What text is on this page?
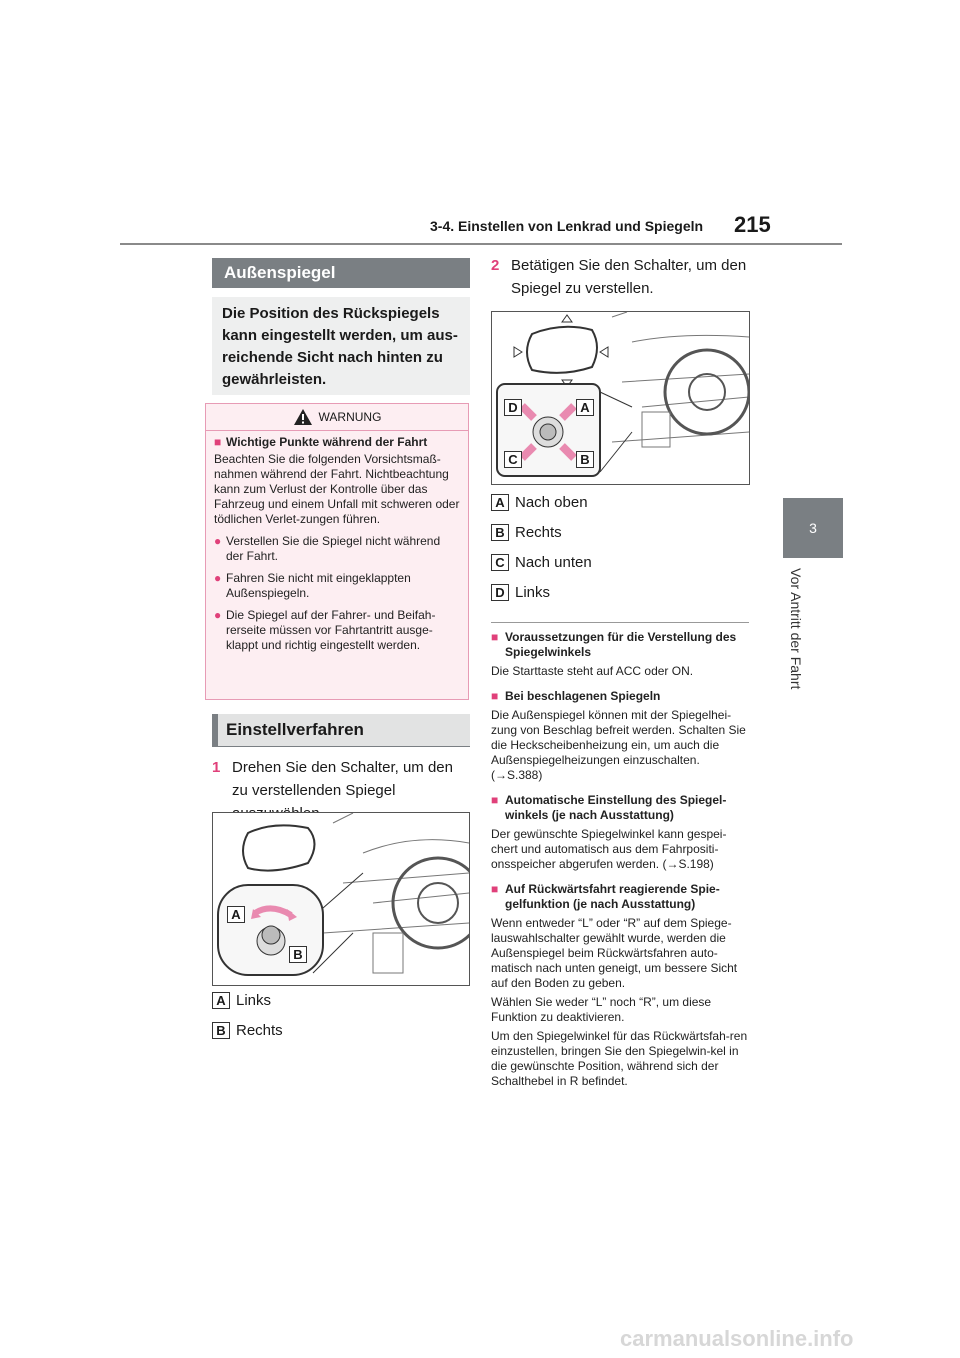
3-4. Einstellen von Lenkrad und Spiegeln 215
3
Vor Antritt der Fahrt
Außenspiegel
Die Position des Rückspiegels kann eingestellt werden, um aus-reichende Sicht nach hinten zu gewährleisten.
WARNUNG

■ Wichtige Punkte während der Fahrt

Beachten Sie die folgenden Vorsichtsmaß-nahmen während der Fahrt. Nichtbeachtung kann zum Verlust der Kontrolle über das Fahrzeug und einem Unfall mit schweren oder tödlichen Verlet-zungen führen.

● Verstellen Sie die Spiegel nicht während der Fahrt.

● Fahren Sie nicht mit eingeklappten Außenspiegeln.

● Die Spiegel auf der Fahrer- und Beifah-rerseite müssen vor Fahrtantritt ausge-klappt und richtig eingestellt werden.

Einstellverfahren
1 Drehen Sie den Schalter, um den zu verstellenden Spiegel
A
B
A Links
B Rechts
2 Betätigen Sie den Schalter, um den Spiegel zu verstellen.
D	A
C	B
A Nach oben
B Rechts
C Nach unten
D Links

■ Voraussetzungen für die Verstellung des Spiegelwinkels

Die Starttaste steht auf ACC oder ON.

■ Bei beschlagenen Spiegeln

Die Außenspiegel können mit der Spiegelhei-zung von Beschlag befreit werden. Schalten Sie die Heckscheibenheizung ein, um auch die Außenspiegelheizungen einzuschalten. (→S.388)

■ Automatische Einstellung des Spiegel-winkels (je nach Ausstattung)

Der gewünschte Spiegelwinkel kann gespei-chert und automatisch aus dem Fahrpositi-onsspeicher abgerufen werden. (→S.198)

■ Auf Rückwärtsfahrt reagierende Spie-gelfunktion (je nach Ausstattung)

Wenn entweder “L” oder “R” auf dem Spiege-lauswahlschalter gewählt wurde, werden die Außenspiegel beim Rückwärtsfahren auto-matisch nach unten geneigt, um bessere Sicht auf den Boden zu geben.

Wählen Sie weder “L” noch “R”, um diese Funktion zu deaktivieren.

Um den Spiegelwinkel für das Rückwärtsfah-ren einzustellen, bringen Sie den Spiegelwin-kel in die gewünschte Position, während sich der Schalthebel in R befindet.

carmanualsonline.info
